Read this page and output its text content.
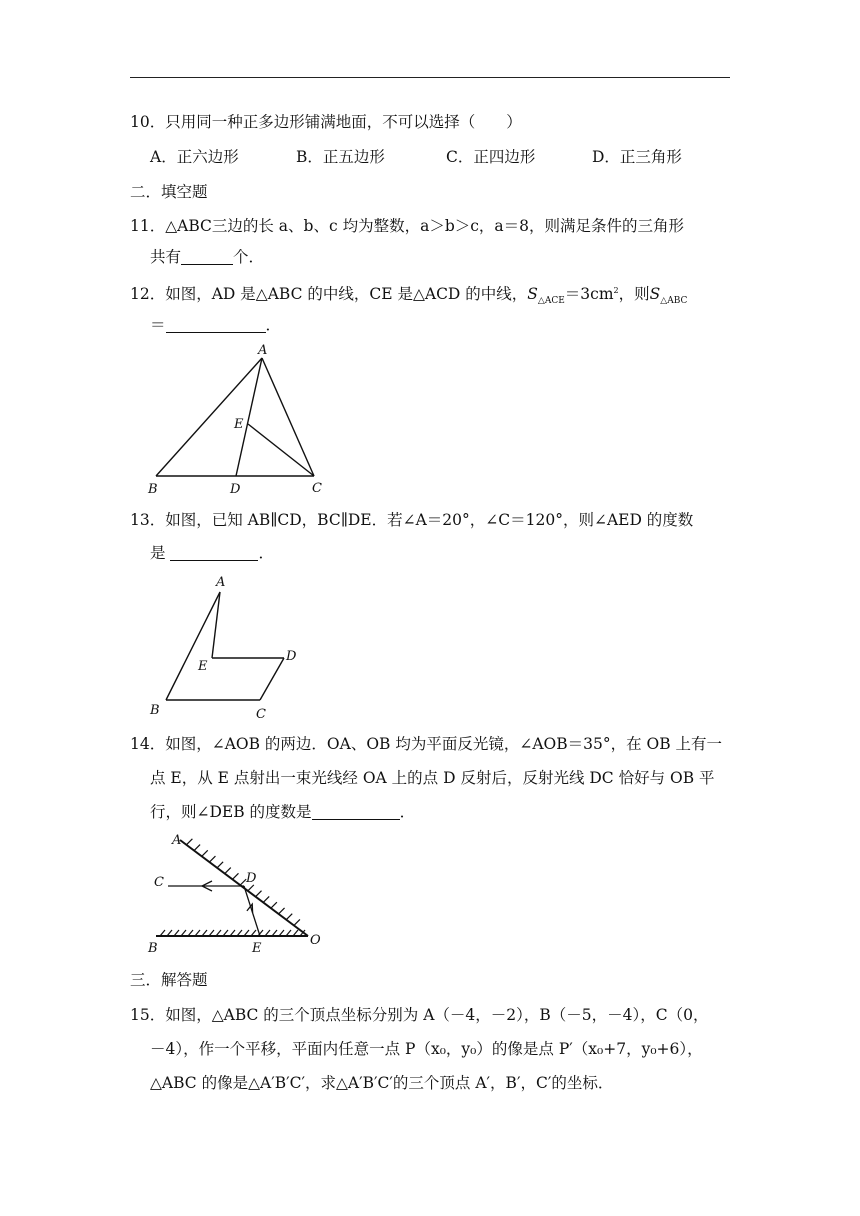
10．只用同一种正多边形铺满地面，不可以选择（　　）
A．正六边形	B．正五边形	C．正四边形	D．正三角形
二．填空题
11．△ABC三边的长 a、b、c 均为整数，a＞b＞c，a＝8，则满足条件的三角形
共有	个．
12．如图，AD 是△ABC 的中线，CE 是△ACD 的中线，$S_{\triangle ACE}=3cm^2$，则$S_{\triangle ABC}$
＝	．
A
B	D	C
E
13．如图，已知 AB∥CD，BC∥DE．若∠A＝20°，∠C＝120°，则∠AED 的度数
是	．
A
E
D
B	C
14．如图，∠AOB 的两边．OA、OB 均为平面反光镜，∠AOB＝35°，在 OB 上有一
点 E，从 E 点射出一束光线经 OA 上的点 D 反射后，反射光线 DC 恰好与 OB 平
行，则∠DEB 的度数是	．
A
C	D
B	E
O
三．解答题
15．如图，△ABC 的三个顶点坐标分别为 A（－4，－2），B（－5，－4），C（0，
－4），作一个平移，平面内任意一点 P（x₀，y₀）的像是点 P′（x₀+7，y₀+6），
△ABC 的像是△A′B′C′，求△A′B′C′的三个顶点 A′，B′，C′的坐标．
